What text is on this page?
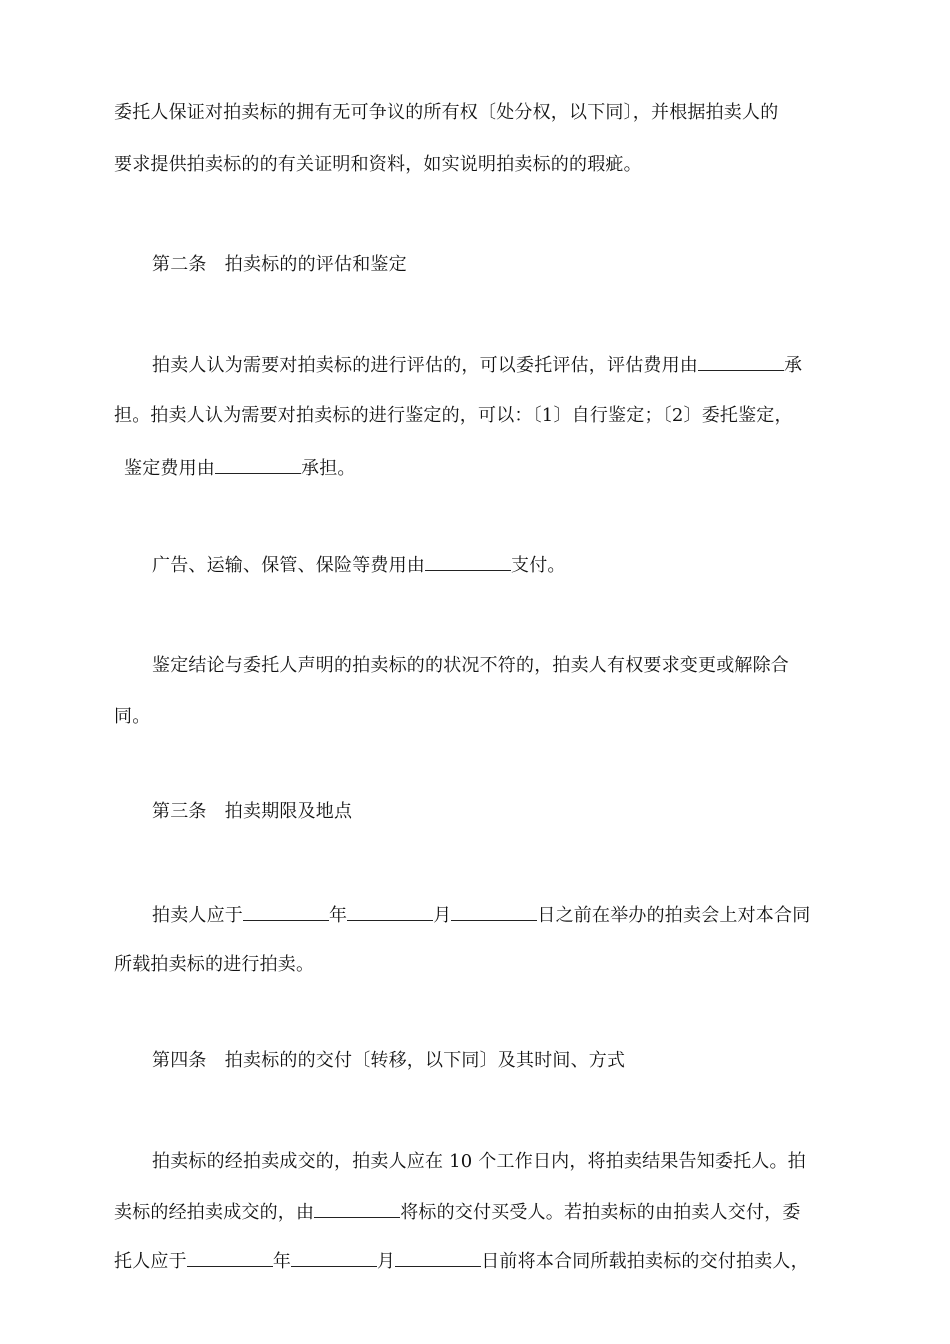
委托人保证对拍卖标的拥有无可争议的所有权〔处分权，以下同〕，并根据拍卖人的
要求提供拍卖标的的有关证明和资料，如实说明拍卖标的的瑕疵。
第二条　拍卖标的的评估和鉴定
拍卖人认为需要对拍卖标的进行评估的，可以委托评估，评估费用由	承
担。拍卖人认为需要对拍卖标的进行鉴定的，可以：〔1〕自行鉴定；〔2〕委托鉴定，
鉴定费用由	承担。
广告、运输、保管、保险等费用由	支付。
鉴定结论与委托人声明的拍卖标的的状况不符的，拍卖人有权要求变更或解除合
同。
第三条　拍卖期限及地点
拍卖人应于	年	月	日之前在举办的拍卖会上对本合同
所载拍卖标的进行拍卖。
第四条　拍卖标的的交付〔转移，以下同〕及其时间、方式
拍卖标的经拍卖成交的，拍卖人应在 10 个工作日内，将拍卖结果告知委托人。拍
卖标的经拍卖成交的，由	将标的交付买受人。若拍卖标的由拍卖人交付，委
托人应于	年	月	日前将本合同所载拍卖标的交付拍卖人，
